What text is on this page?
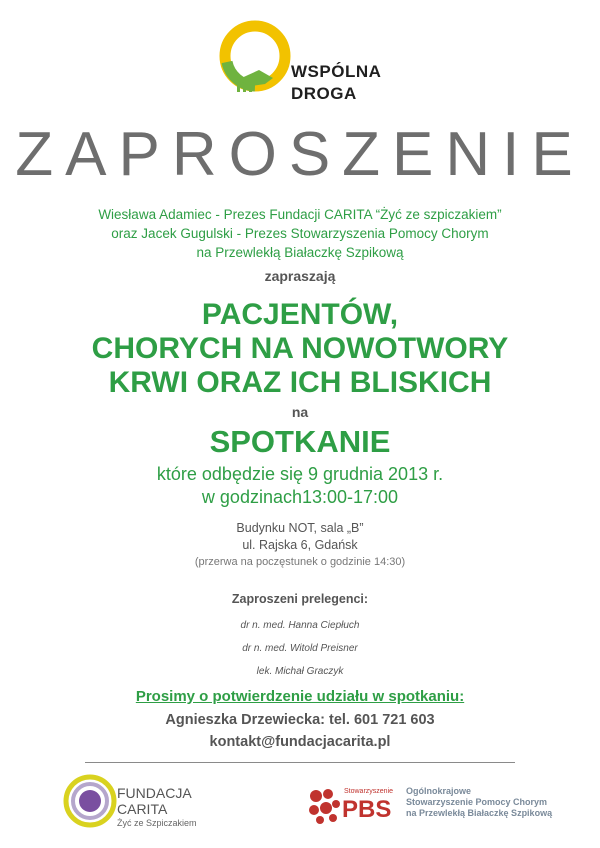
WSPÓLNA
DROGA
ZAPROSZENIE
Wiesława Adamiec - Prezes Fundacji CARITA “Żyć ze szpiczakiem”
oraz Jacek Gugulski - Prezes Stowarzyszenia Pomocy Chorym
na Przewlekłą Białaczkę Szpikową
zapraszają
PACJENTÓW,
CHORYCH NA NOWOTWORY
KRWI ORAZ ICH BLISKICH
na
SPOTKANIE
które odbędzie się 9 grudnia 2013 r.
w godzinach13:00-17:00
Budynku NOT, sala „B”
ul. Rajska 6, Gdańsk
(przerwa na poczęstunek o godzinie 14:30)
Zaproszeni prelegenci:
dr n. med. Hanna Ciepłuch
dr n. med. Witold Preisner
lek. Michał Graczyk
Prosimy o potwierdzenie udziału w spotkaniu:
Agnieszka Drzewiecka: tel. 601 721 603
kontakt@fundacjacarita.pl
FUNDACJA
CARITA
Żyć ze Szpiczakiem
Stowarzyszenie
PBS
Ogólnokrajowe
Stowarzyszenie Pomocy Chorym
na Przewlekłą Białaczkę Szpikową
